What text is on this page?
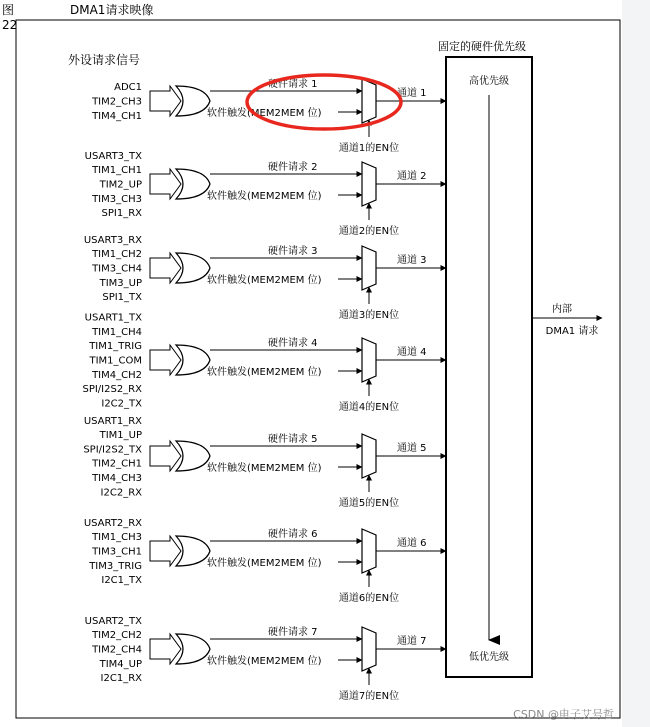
图22
DMA1请求映像
外设请求信号
固定的硬件优先级
高优先级
低优先级
内部
DMA1 请求
ADC1
TIM2_CH3
TIM4_CH1
硬件请求 1
软件触发(MEM2MEM 位)
通道 1
通道1的EN位
USART3_TX
TIM1_CH1
TIM2_UP
TIM3_CH3
SPI1_RX
硬件请求 2
软件触发(MEM2MEM 位)
通道 2
通道2的EN位
USART3_RX
TIM1_CH2
TIM3_CH4
TIM3_UP
SPI1_TX
硬件请求 3
软件触发(MEM2MEM 位)
通道 3
通道3的EN位
USART1_TX
TIM1_CH4
TIM1_TRIG
TIM1_COM
TIM4_CH2
SPI/I2S2_RX
I2C2_TX
硬件请求 4
软件触发(MEM2MEM 位)
通道 4
通道4的EN位
USART1_RX
TIM1_UP
SPI/I2S2_TX
TIM2_CH1
TIM4_CH3
I2C2_RX
硬件请求 5
软件触发(MEM2MEM 位)
通道 5
通道5的EN位
USART2_RX
TIM1_CH3
TIM3_CH1
TIM3_TRIG
I2C1_TX
硬件请求 6
软件触发(MEM2MEM 位)
通道 6
通道6的EN位
USART2_TX
TIM2_CH2
TIM2_CH4
TIM4_UP
I2C1_RX
硬件请求 7
软件触发(MEM2MEM 位)
通道 7
通道7的EN位
CSDN @电子艾号哲
